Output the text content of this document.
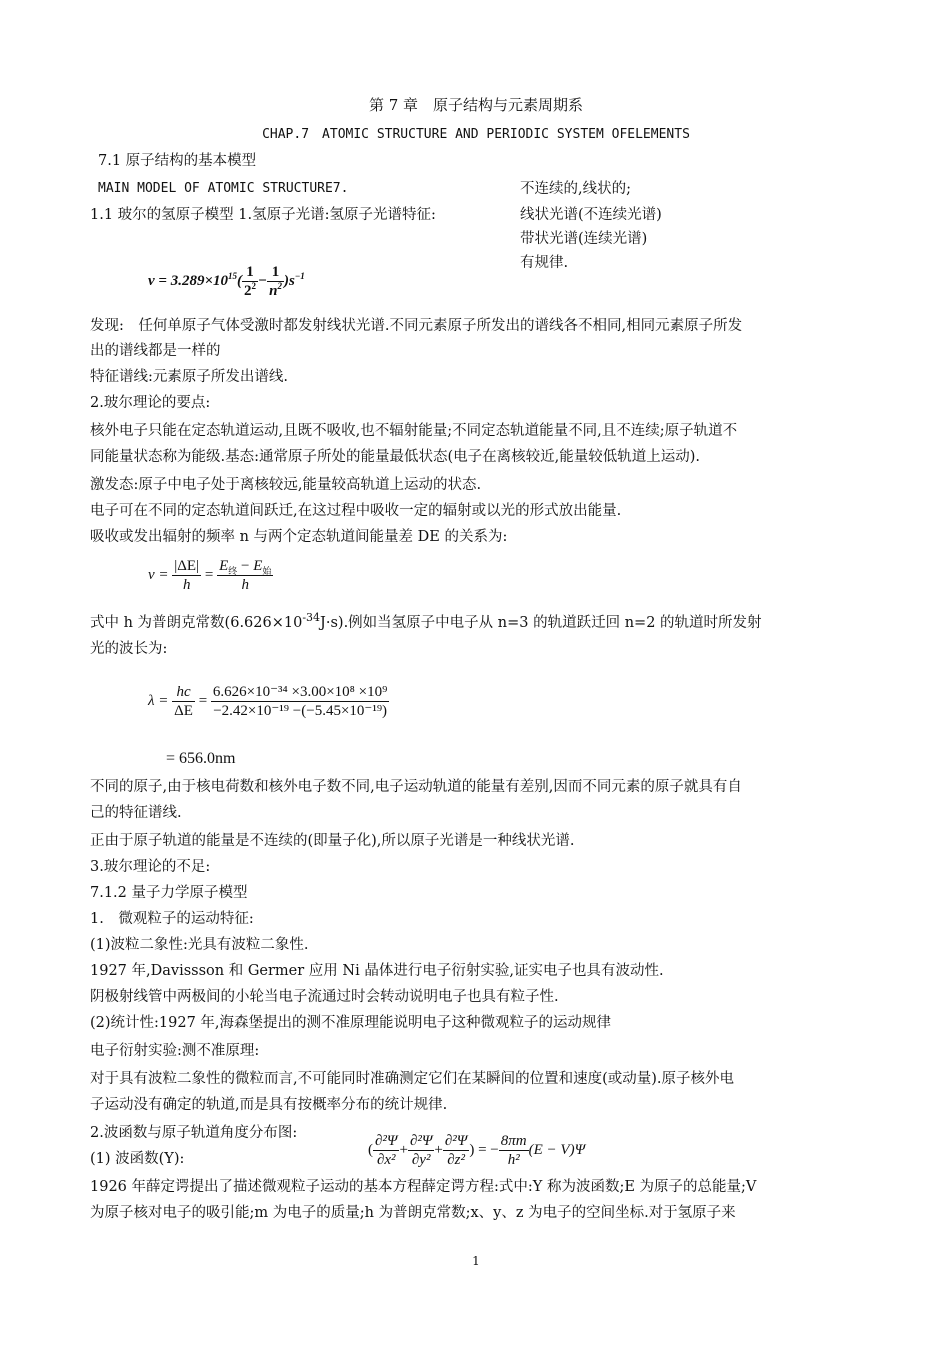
第 7 章　原子结构与元素周期系
CHAP.7　ATOMIC STRUCTURE AND PERIODIC SYSTEM OFELEMENTS
7.1 原子结构的基本模型
MAIN MODEL OF ATOMIC STRUCTURE7.
1.1 玻尔的氢原子模型 1.氢原子光谱:氢原子光谱特征:
不连续的,线状的;
线状光谱(不连续光谱)
带状光谱(连续光谱)
有规律.
$\nu = 3.289\times 10^{15}( \frac{1}{2^2} - \frac{1}{n^2} )s^{-1}$
发现:　任何单原子气体受激时都发射线状光谱.不同元素原子所发出的谱线各不相同,相同元素原子所发
出的谱线都是一样的
特征谱线:元素原子所发出谱线.
2.玻尔理论的要点:
核外电子只能在定态轨道运动,且既不吸收,也不辐射能量;不同定态轨道能量不同,且不连续;原子轨道不
同能量状态称为能级.基态:通常原子所处的能量最低状态(电子在离核较近,能量较低轨道上运动).
激发态:原子中电子处于离核较远,能量较高轨道上运动的状态.
电子可在不同的定态轨道间跃迁,在这过程中吸收一定的辐射或以光的形式放出能量.
吸收或发出辐射的频率 n 与两个定态轨道间能量差 DE 的关系为:
$\nu = \frac{|\Delta E|}{h} = \frac{E_终 - E_始}{h}$
式中 h 为普朗克常数$(6.626\times 10^{-34}J\cdot s)$.例如当氢原子中电子从 n=3 的轨道跃迁回 n=2 的轨道时所发射
光的波长为:
$\lambda = \frac{hc}{\Delta E} = \frac{\text{6.626×10⁻³⁴ ×3.00×10⁸ ×10⁹}}{\text{−2.42×10⁻¹⁹ −(−5.45×10⁻¹⁹)}}$
= 656.0nm
不同的原子,由于核电荷数和核外电子数不同,电子运动轨道的能量有差别,因而不同元素的原子就具有自
己的特征谱线.
正由于原子轨道的能量是不连续的(即量子化),所以原子光谱是一种线状光谱.
3.玻尔理论的不足:
7.1.2 量子力学原子模型
1.　微观粒子的运动特征:
(1)波粒二象性:光具有波粒二象性.
1927 年,Davissson 和 Germer 应用 Ni 晶体进行电子衍射实验,证实电子也具有波动性.
阴极射线管中两极间的小轮当电子流通过时会转动说明电子也具有粒子性.
(2)统计性:1927 年,海森堡提出的测不准原理能说明电子这种微观粒子的运动规律
电子衍射实验:测不准原理:
对于具有波粒二象性的微粒而言,不可能同时准确测定它们在某瞬间的位置和速度(或动量).原子核外电
子运动没有确定的轨道,而是具有按概率分布的统计规律.
2.波函数与原子轨道角度分布图:
(1) 波函数(Y):
( $\frac{\text{∂²Ψ}}{\text{∂x²}} + \frac{\text{∂²Ψ}}{\text{∂y²}} + \frac{\text{∂²Ψ}}{\text{∂z²}}$ ) = − $\frac{8\pi m}{\text{h²}} (E - V)\Psi$
1926 年薛定谔提出了描述微观粒子运动的基本方程薛定谔方程:式中:Y 称为波函数;E 为原子的总能量;V
为原子核对电子的吸引能;m 为电子的质量;h 为普朗克常数;x、y、z 为电子的空间坐标.对于氢原子来
1
